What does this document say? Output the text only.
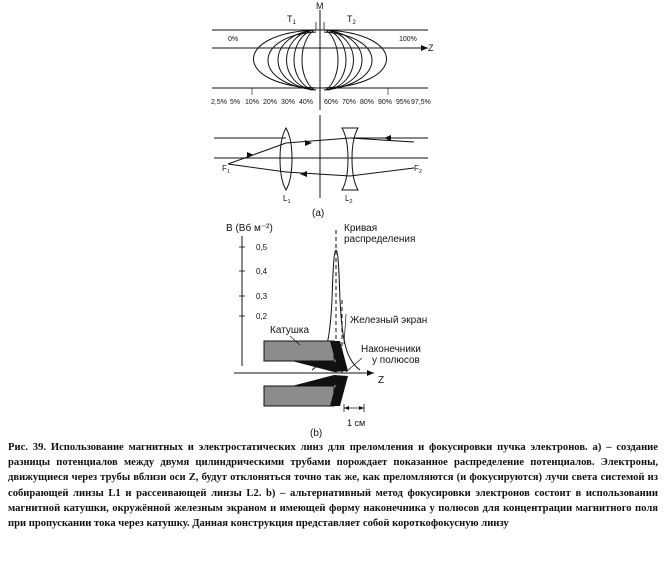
M
$T_1$	$T_2$
0%	100%
Z
2,5% 5% 10% 20% 30% 40% 60% 70% 80% 90% 95% 97,5%
$F_1$	$F_2$
$L_1$	$L_2$
(a)
B (Вб м⁻²)
0,5
0,4
0,3
0,2
Кривая
распределения
Железный экран
Катушка
Наконечники
у полюсов
Z
1 см
(b)
Рис. 39. Использование магнитных и электростатических линз для преломления и фокусировки пучка электронов. а) – создание разницы потенциалов между двумя цилиндрическими трубами порождает показанное распределение потенциалов. Электроны, движущиеся через трубы вблизи оси Z, будут отклоняться точно так же, как преломляются (и фокусируются) лучи света системой из собирающей линзы L1 и рассеивающей линзы L2. b) – альтернативный метод фокусировки электронов состоит в использовании магнитной катушки, окружённой железным экраном и имеющей форму наконечника у полюсов для концентрации магнитного поля при пропускании тока через катушку. Данная конструкция представляет собой короткофокусную линзу
